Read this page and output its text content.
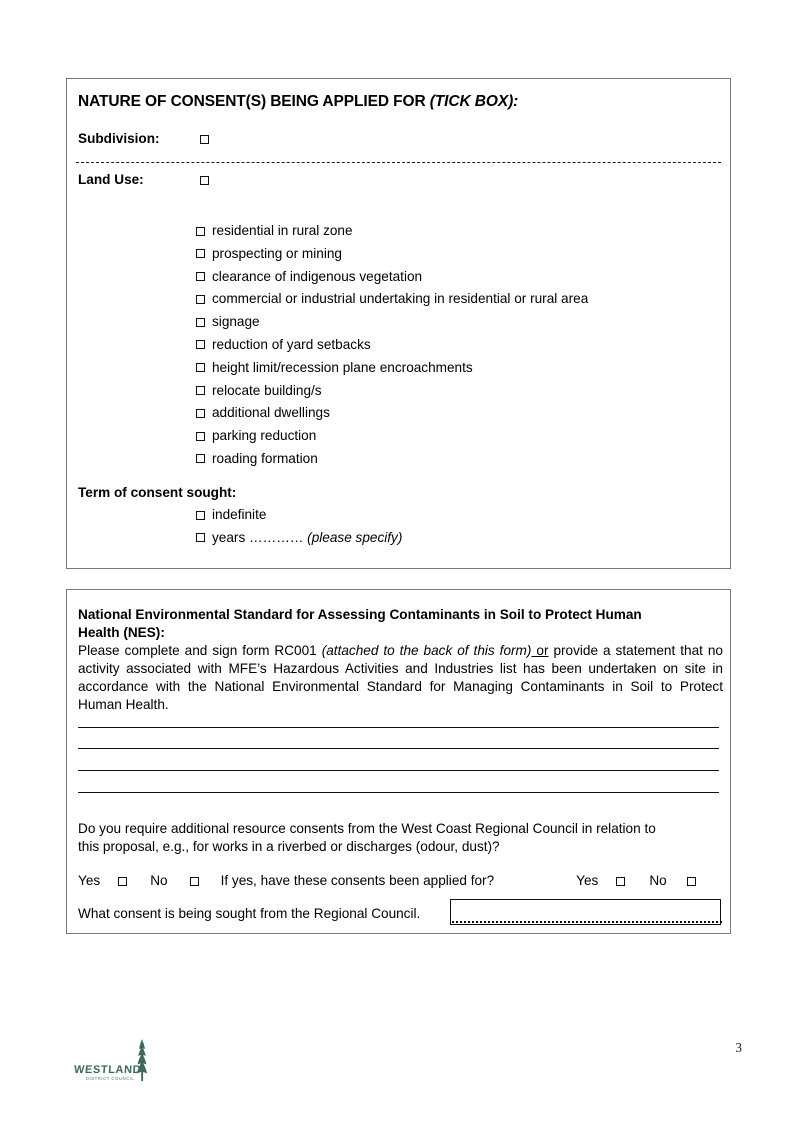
NATURE OF CONSENT(S) BEING APPLIED FOR (TICK BOX):
Subdivision:
Land Use:
residential in rural zone
prospecting or mining
clearance of indigenous vegetation
commercial or industrial undertaking in residential or rural area
signage
reduction of yard setbacks
height limit/recession plane encroachments
relocate building/s
additional dwellings
parking reduction
roading formation
Term of consent sought:
indefinite
years ………… (please specify)
National Environmental Standard for Assessing Contaminants in Soil to Protect Human
Health (NES):
Please complete and sign form RC001 (attached to the back of this form) or provide a statement that no activity associated with MFE’s Hazardous Activities and Industries list has been undertaken on site in accordance with the National Environmental Standard for Managing Contaminants in Soil to Protect Human Health.
Do you require additional resource consents from the West Coast Regional Council in relation to
this proposal, e.g., for works in a riverbed or discharges (odour, dust)?
Yes	No	If yes, have these consents been applied for?	Yes	No
What consent is being sought from the Regional Council.
WESTLAND
DISTRICT COUNCIL
3
